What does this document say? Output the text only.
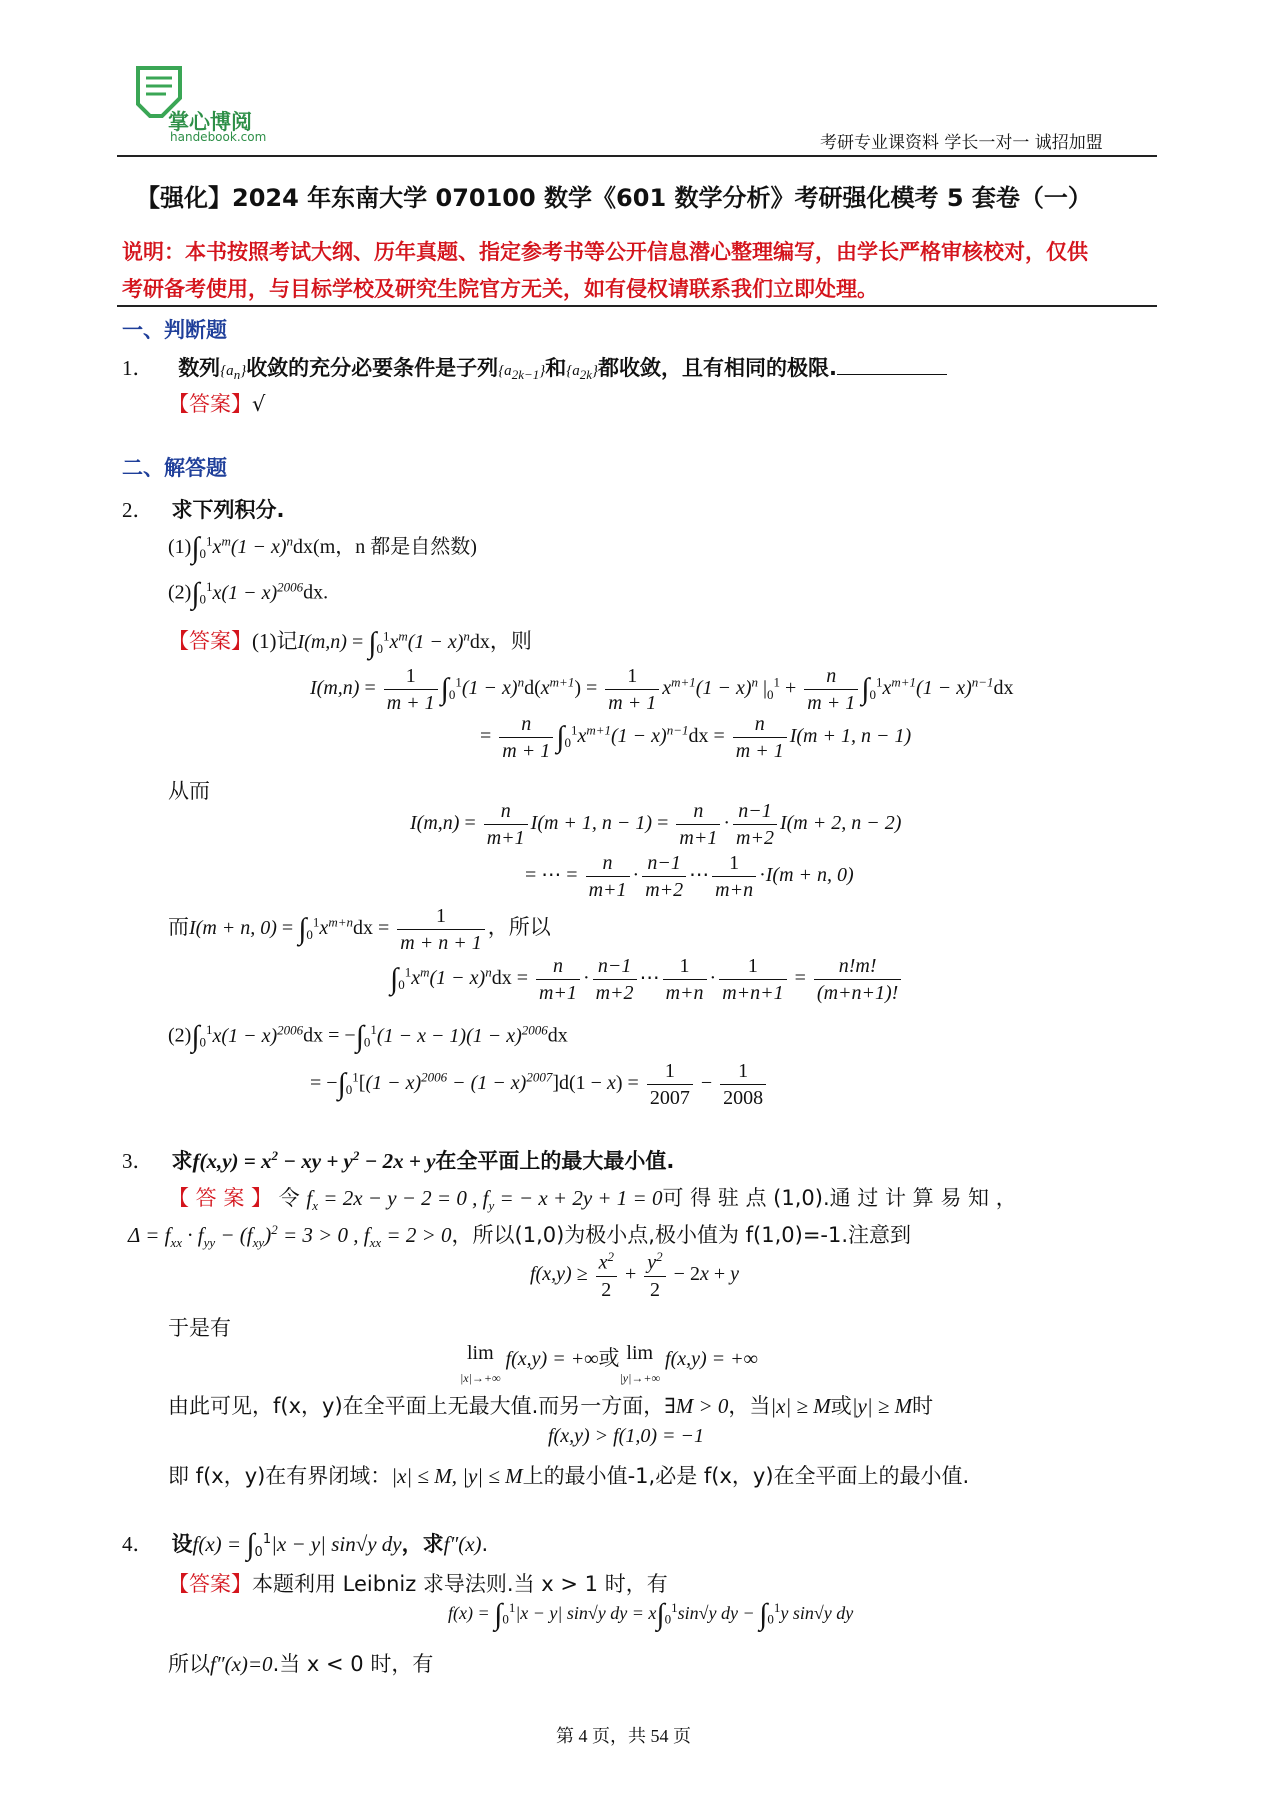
掌心博阅
handebook.com	考研专业课资料 学长一对一 诚招加盟
【强化】2024 年东南大学 070100 数学《601 数学分析》考研强化模考 5 套卷（一）
说明：本书按照考试大纲、历年真题、指定参考书等公开信息潜心整理编写，由学长严格审核校对，仅供
考研备考使用，与目标学校及研究生院官方无关，如有侵权请联系我们立即处理。
一、判断题
1． 数列$\{a_n\}$收敛的充分必要条件是子列$\{a_{2k-1}\}$和$\{a_{2k}\}$都收敛，且有相同的极限.
【答案】√
二、解答题
2． 求下列积分.
$(1)\int_0^1x^m(1 - x)^ndx(m$，n 都是自然数)
$(2)\int_0^1x(1 - x)^{2006}dx$.
【答案】(1)记$I(m,n) = \int_0^1x^m(1 - x)^ndx$，则
$I(m,n) = \frac{1}{m + 1} \int_0^1(1 - x)^nd(x^{m+1}) = \frac{1}{m + 1} x^{m+1}(1 - x)^n$ $|_0^1 + \frac{n}{m + 1} \int_0^1x^{m+1}(1 - x)^{n-1}dx$
= $\frac{n}{m + 1} \int_0^1x^{m+1}(1 - x)^{n-1}dx = \frac{n}{m + 1} I(m + 1$, n − 1)
从而
$I(m,n) = \frac{n}{m+1} I(m + 1$, $n - 1) = \frac{n}{m+1} \cdot \frac{n-1}{m+2} I(m + 2$, n − 2)
= ⋯ = $\frac{n}{m+1} \cdot \frac{n-1}{m+2}$ ⋯ $\frac{1}{m+n} \cdot I(m + n$, 0)
而I(m + n, $0) = \int_0^1x^{m+n}dx = \frac{1}{m + n + 1}$ ，所以
$\int_0^1x^m(1 - x)^ndx = \frac{n}{m+1} \cdot \frac{n-1}{m+2}$ ⋯ $\frac{1}{m+n} \cdot \frac{1}{m+n+1} = \frac{n!m!}{(m+n+1)!}$
$(2)\int_0^1x(1 - x)^{2006}dx = -\int_0^1(1 - x - 1)(1 - x)^{2006}dx$
= $-\int_0^1[(1 - x)^{2006} - (1 - x)^{2007}]d(1 - x) = \frac{1}{2007} - \frac{1}{2008}$
3． 求$f(x,y) = x^2$ − xy + $y^2 - 2x + y$在全平面上的最大最小值.
【 答 案 】 令 $f_x = 2x - y - 2 = 0$ , $f_y$ = − x + 2y + 1 = 0可 得 驻 点 (1,0).通 过 计 算 易 知 ，
$\Delta = f_{xx} \cdot f_{yy} - (f_{xy})^2 = 3 > 0$ , $f_{xx} = 2 > 0$，所以(1,0)为极小点,极小值为 f(1,0)=-1.注意到
$f(x,y) \ge \frac{x^2}{2} + \frac{y^2}{2} - 2x + y$
于是有
lim
|x|→+∞ f(x,y) = +∞或 lim
|y|→+∞ f(x,y) = +∞
由此可见，f(x，y)在全平面上无最大值.而另一方面，∃M > 0，当|x| ≥ M或|y| ≥ M时
f(x,y) > f(1,0) = −1
即 f(x，y)在有界闭域：|x| ≤ M, |y| ≤ M上的最小值-1,必是 f(x，y)在全平面上的最小值.
4． 设$f(x) = \int_0^1|x - y|$ sin√y dy，求f″(x).
【答案】本题利用 Leibniz 求导法则.当 x > 1 时，有
$f(x) = \int_0^1|x - y|$ sin√y dy = $x\int_0^1\sin√y$ dy − $\int_0^1y$ sin√y dy
所以f″(x)=0.当 x < 0 时，有
第 4 页，共 54 页
